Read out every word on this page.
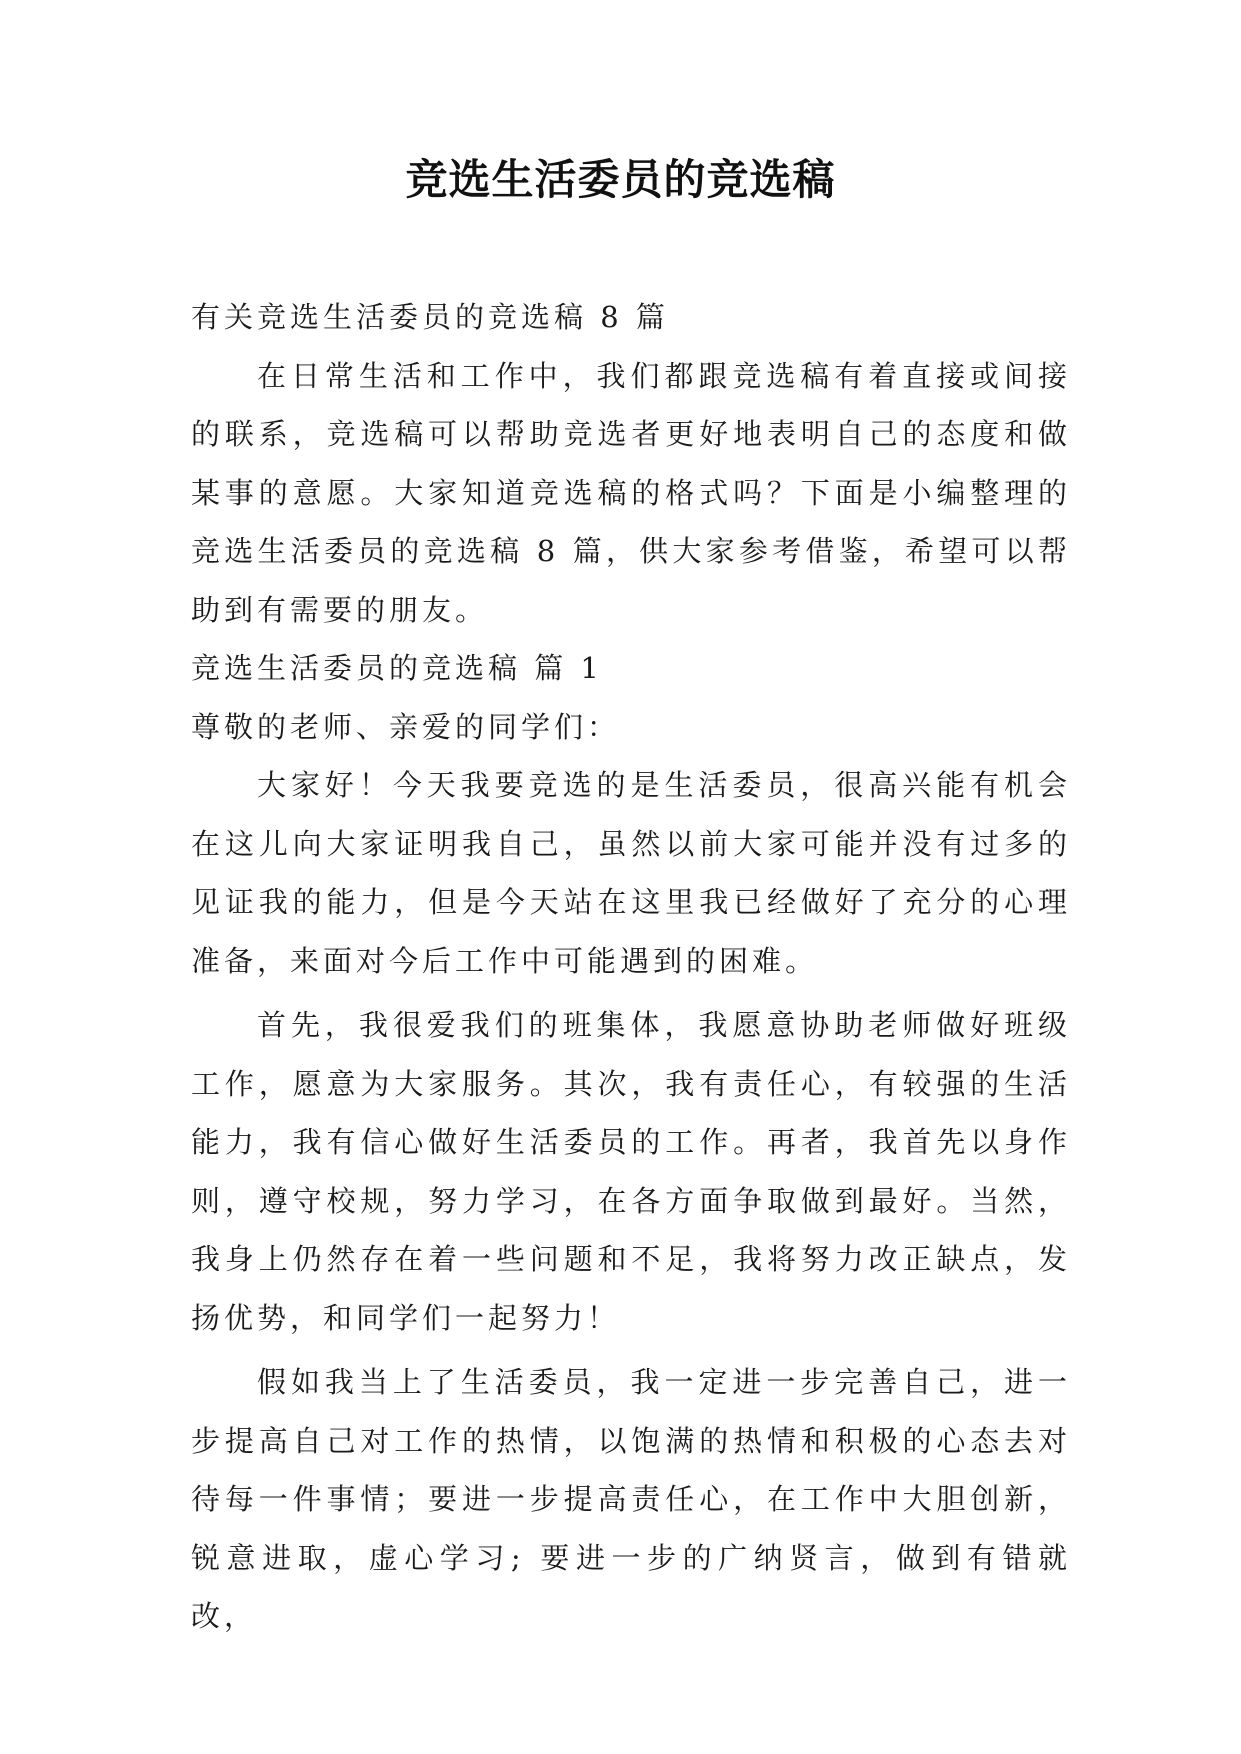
竞选生活委员的竞选稿

有关竞选生活委员的竞选稿 8 篇

在日常生活和工作中，我们都跟竞选稿有着直接或间接的联系，竞选稿可以帮助竞选者更好地表明自己的态度和做某事的意愿。大家知道竞选稿的格式吗？下面是小编整理的竞选生活委员的竞选稿 8 篇，供大家参考借鉴，希望可以帮助到有需要的朋友。

竞选生活委员的竞选稿 篇 1

尊敬的老师、亲爱的同学们：

大家好！今天我要竞选的是生活委员，很高兴能有机会在这儿向大家证明我自己，虽然以前大家可能并没有过多的见证我的能力，但是今天站在这里我已经做好了充分的心理准备，来面对今后工作中可能遇到的困难。

首先，我很爱我们的班集体，我愿意协助老师做好班级工作，愿意为大家服务。其次，我有责任心，有较强的生活能力，我有信心做好生活委员的工作。再者，我首先以身作则，遵守校规，努力学习，在各方面争取做到最好。当然，我身上仍然存在着一些问题和不足，我将努力改正缺点，发扬优势，和同学们一起努力！

假如我当上了生活委员，我一定进一步完善自己，进一步提高自己对工作的热情，以饱满的热情和积极的心态去对待每一件事情；要进一步提高责任心，在工作中大胆创新，锐意进取，虚心学习; 要进一步的广纳贤言，做到有错就改，
